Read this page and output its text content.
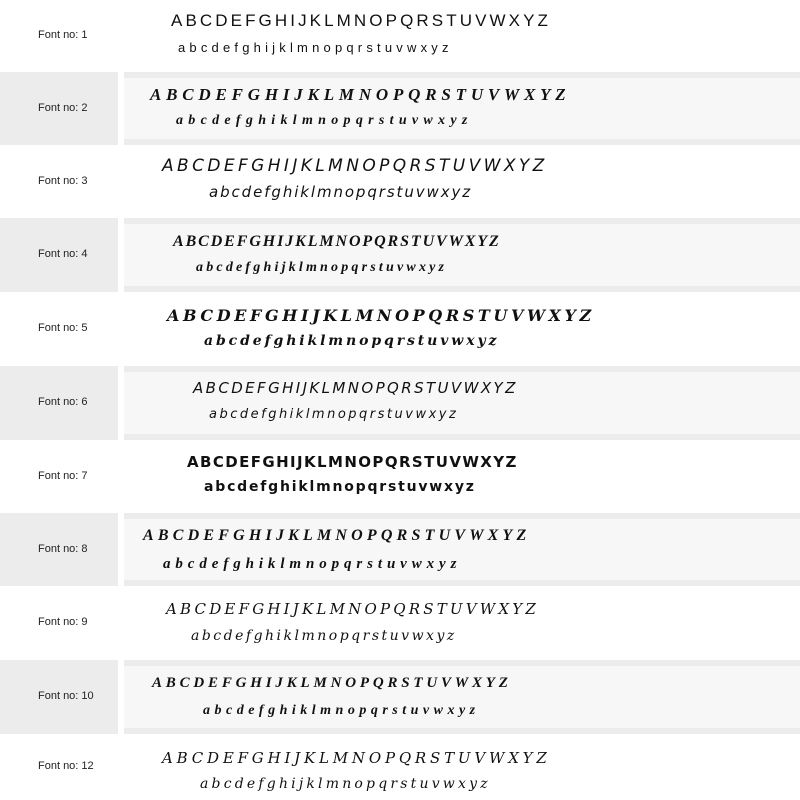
Font no: 1
ABCDEFGHIJKLMNOPQRSTUVWXYZ
abcdefghijklmnopqrstuvwxyz
Font no: 2
ABCDEFGHIJKLMNOPQRSTUVWXYZ
abcdefghiklmnopqrstuvwxyz
Font no: 3
ABCDEFGHIJKLMNOPQRSTUVWXYZ
abcdefghiklmnopqrstuvwxyz
Font no: 4
ABCDEFGHIJKLMNOPQRSTUVWXYZ
abcdefghijklmnopqrstuvwxyz
Font no: 5
ABCDEFGHIJKLMNOPQRSTUVWXYZ
abcdefghiklmnopqrstuvwxyz
Font no: 6
ABCDEFGHIJKLMNOPQRSTUVWXYZ
abcdefghiklmnopqrstuvwxyz
Font no: 7
ABCDEFGHIJKLMNOPQRSTUVWXYZ
abcdefghiklmnopqrstuvwxyz
Font no: 8
ABCDEFGHIJKLMNOPQRSTUVWXYZ
abcdefghiklmnopqrstuvwxyz
Font no: 9
ABCDEFGHIJKLMNOPQRSTUVWXYZ
abcdefghiklmnopqrstuvwxyz
Font no: 10
ABCDEFGHIJKLMNOPQRSTUVWXYZ
abcdefghiklmnopqrstuvwxyz
Font no: 12	ABCDEFGHIJKLMNOPQRSTUVWXYZ
abcdefghijklmnopqrstuvwxyz
